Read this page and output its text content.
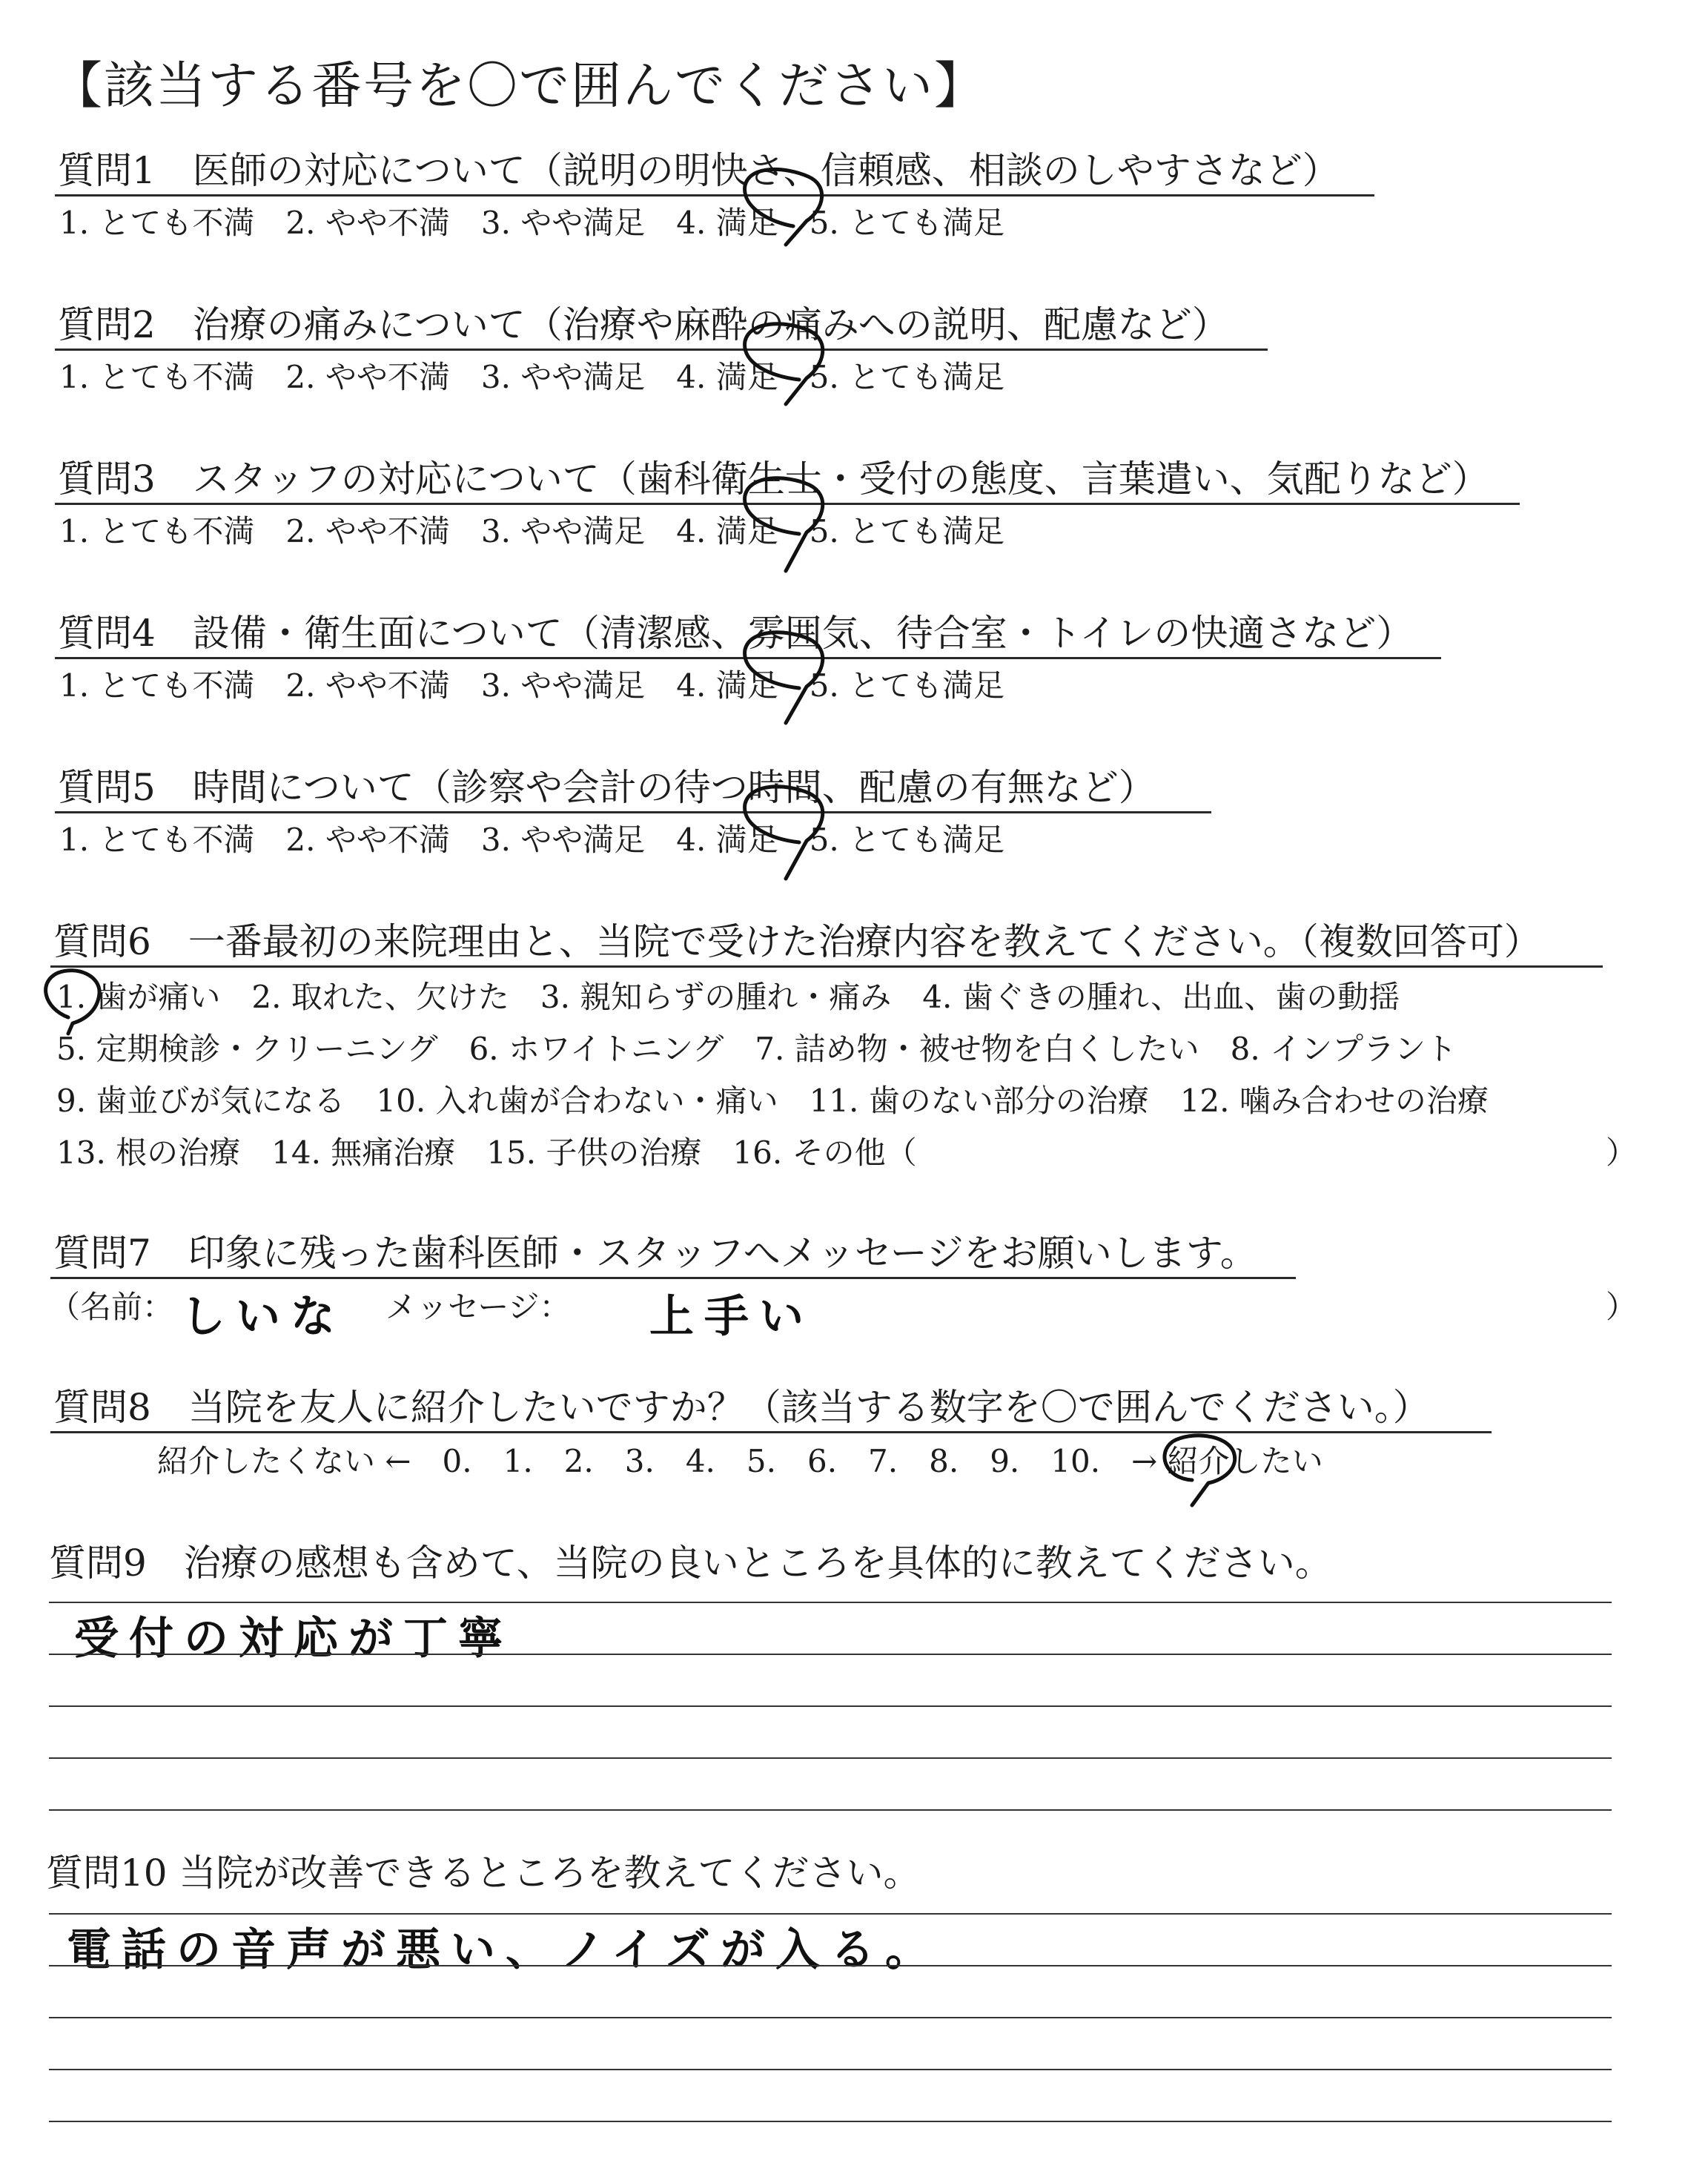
【該当する番号を〇で囲んでください】
質問1　医師の対応について（説明の明快さ、信頼感、相談のしやすさなど）
1. とても不満　2. やや不満　3. やや満足　4. 満足　5. とても満足
質問2　治療の痛みについて（治療や麻酔の痛みへの説明、配慮など）
1. とても不満　2. やや不満　3. やや満足　4. 満足　5. とても満足
質問3　スタッフの対応について（歯科衛生士・受付の態度、言葉遣い、気配りなど）
1. とても不満　2. やや不満　3. やや満足　4. 満足　5. とても満足
質問4　設備・衛生面について（清潔感、雰囲気、待合室・トイレの快適さなど）
1. とても不満　2. やや不満　3. やや満足　4. 満足　5. とても満足
質問5　時間について（診察や会計の待つ時間、配慮の有無など）
1. とても不満　2. やや不満　3. やや満足　4. 満足　5. とても満足
質問6　一番最初の来院理由と、当院で受けた治療内容を教えてください。（複数回答可）
1. 歯が痛い　2. 取れた、欠けた　3. 親知らずの腫れ・痛み　4. 歯ぐきの腫れ、出血、歯の動揺
5. 定期検診・クリーニング　6. ホワイトニング　7. 詰め物・被せ物を白くしたい　8. インプラント
9. 歯並びが気になる　10. 入れ歯が合わない・痛い　11. 歯のない部分の治療　12. 噛み合わせの治療
13. 根の治療　14. 無痛治療　15. 子供の治療　16. その他（	）
質問7　印象に残った歯科医師・スタッフへメッセージをお願いします。
（名前： しいな メッセージ： 上手い	）
質問8　当院を友人に紹介したいですか？（該当する数字を〇で囲んでください。）
紹介したくない ←　0.　1.　2.　3.　4.　5.　6.　7.　8.　9.　10.　→ 紹介したい
質問9　治療の感想も含めて、当院の良いところを具体的に教えてください。
受付の対応が丁寧
質問10 当院が改善できるところを教えてください。
電話の音声が悪い、ノイズが入る。
